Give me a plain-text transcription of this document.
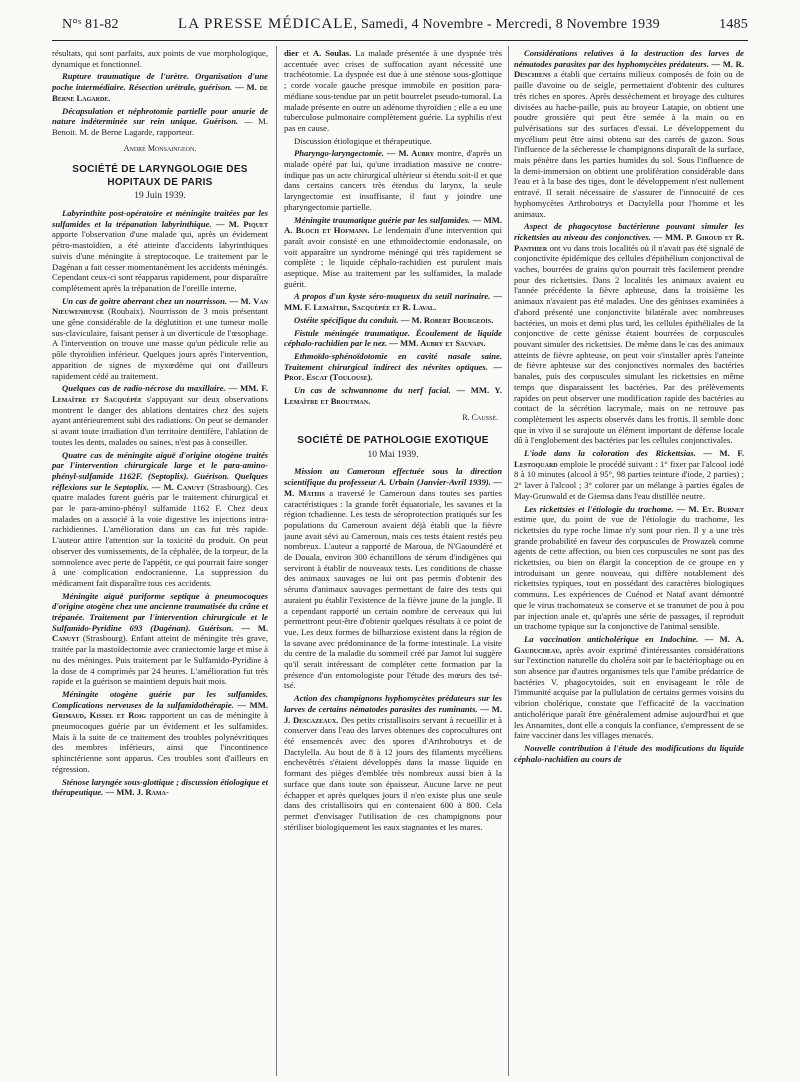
N°ˢ 81-82	LA PRESSE MÉDICALE, Samedi, 4 Novembre - Mercredi, 8 Novembre 1939	1485

résultats, qui sont parfaits, aux points de vue morphologique, dynamique et fonctionnel.

Rupture traumatique de l'urètre. Organisation d'une poche intermédiaire. Résection urétrale, guérison. — M. de Berne Lagarde.

Décapsulation et néphrotomie partielle pour anurie de nature indéterminée sur rein unique. Guérison. — M. Benoit. M. de Berne Lagarde, rapporteur.

André Monsaingeon.
SOCIÉTÉ DE LARYNGOLOGIE DES HOPITAUX DE PARIS
19 Juin 1939.

Labyrinthite post-opératoire et méningite traitées par les sulfamides et la trépanation labyrinthique. — M. Piquet apporte l'observation d'une malade qui, après un évidement pétro-mastoïdien, a été atteinte d'accidents labyrinthiques suivis d'une méningite à streptocoque. Le traitement par le Dagénan a fait cesser momentanément les accidents méningés. Cependant ceux-ci sont réapparus rapidement, pour disparaître complètement après la trépanation de l'oreille interne.

Un cas de goitre aberrant chez un nourrisson. — M. Van Nieuwenhuyse (Roubaix). Nourrisson de 3 mois présentant une gêne considérable de la déglutition et une tumeur molle sus-claviculaire, faisant penser à un diverticule de l'œsophage. A l'intervention on trouve une masse qu'un pédicule relie au pôle thyroïdien inférieur. Quelques jours après l'intervention, apparition de signes de myxœdème qui ont d'ailleurs rapidement cédé au traitement.

Quelques cas de radio-nécrose du maxillaire. — MM. F. Lemaître et Sacquépée s'appuyant sur deux observations montrent le danger des ablations dentaires chez des sujets ayant antérieurement subi des radiations. On peut se demander si avant toute irradiation d'un territoire dentifère, l'ablation de toutes les dents, malades ou saines, n'est pas à conseiller.

Quatre cas de méningite aiguë d'origine otogène traités par l'intervention chirurgicale large et le para-amino-phényl-sulfamide 1162F. (Septoplix). Guérison. Quelques réflexions sur le Septoplix. — M. Canuyt (Strasbourg). Ces quatre malades furent guéris par le traitement chirurgical et par le para-amino-phényl sulfamide 1162 F. Chez deux malades on a associé à la voie digestive les injections intra-rachidiennes. L'amélioration dans un cas fut très rapide. L'auteur attire l'attention sur la toxicité du produit. On peut observer des vomissements, de la céphalée, de la torpeur, de la somnolence avec perte de l'appétit, ce qui pourrait faire songer à une complication endocranienne. La suppression du médicament fait disparaître tous ces accidents.

Méningite aiguë puriforme septique à pneumocoques d'origine otogène chez une ancienne traumatisée du crâne et trépanée. Traitement par l'intervention chirurgicale et le Sulfamido-Pyridine 693 (Dagénan). Guérison. — M. Canuyt (Strasbourg). Enfant atteint de méningite très grave, traitée par la mastoïdectomie avec craniectomie large et mise à nu des méninges. Puis traitement par le Sulfamido-Pyridine à la dose de 4 comprimés par 24 heures. L'amélioration fut très rapide et la guérison se maintient depuis huit mois.

Méningite otogène guérie par les sulfamides. Complications nerveuses de la sulfamidothérapie. — MM. Grimaud, Kissel et Roig rapportent un cas de méningite à pneumocoques guérie par un évidement et les sulfamides. Mais à la suite de ce traitement des troubles polynévritiques des membres inférieurs, ainsi que l'incontinence sphinctérienne sont apparus. Ces troubles sont d'ailleurs en régression.

Sténose laryngée sous-glottique ; discussion étiologique et thérapeutique. — MM. J. Rama-

dier et A. Soulas. La malade présentée à une dyspnée très accentuée avec crises de suffocation ayant nécessité une trachéotomie. La dyspnée est due à une sténose sous-glottique ; corde vocale gauche presque immobile en position para-médiane sous-tendue par un petit bourrelet pseudo-tumoral. La malade présente en outre un adénome thyroïdien ; elle a eu une tuberculose pulmonaire complètement guérie. La syphilis n'est pas en cause.

Discussion étiologique et thérapeutique.

Pharyngo-laryngectomie. — M. Aubry montre, d'après un malade opéré par lui, qu'une irradiation massive ne contre-indique pas un acte chirurgical ultérieur si étendu soit-il et que dans certains cancers très étendus du larynx, la seule laryngectomie est insuffisante, il faut y joindre une pharyngectomie partielle.

Méningite traumatique guérie par les sulfamides. — MM. A. Bloch et Hofmann. Le lendemain d'une intervention qui paraît avoir consisté en une ethmoïdectomie endonasale, on voit apparaître un syndrome méningé qui très rapidement se complète ; le liquide céphalo-rachidien est purulent mais aseptique. Mise au traitement par les sulfamides, la malade guérit.

A propos d'un kyste séro-muqueux du seuil narinaire. — MM. F. Lemaître, Sacquépée et R. Laval.

Ostéite spécifique du conduit. — M. Robert Bourgeois.

Fistule méningée traumatique. Écoulement de liquide céphalo-rachidien par le nez. — MM. Aubry et Sauvain.

Ethmoïdo-sphénoïdotomie en cavité nasale saine. Traitement chirurgical indirect des névrites optiques. — Prof. Escat (Toulouse).

Un cas de schwannome du nerf facial. — MM. Y. Lemaître et Broutman.

R. Caussé.
SOCIÉTÉ DE PATHOLOGIE EXOTIQUE
10 Mai 1939.

Mission au Cameroun effectuée sous la direction scientifique du professeur A. Urbain (Janvier-Avril 1939). — M. Mathis a traversé le Cameroun dans toutes ses parties caractéristiques : la grande forêt équatoriale, les savanes et la région tchadienne. Les tests de séroprotection pratiqués sur les populations du Cameroun avaient déjà établi que la fièvre jaune avait sévi au Cameroun, mais ces tests étaient restés peu nombreux. L'auteur a rapporté de Maroua, de N'Gaoundéré et de Douala, environ 300 échantillons de sérum d'indigènes qui serviront à établir de nouveaux tests. Les conditions de chasse des animaux sauvages ne lui ont pas permis d'obtenir des sérums d'animaux sauvages permettant de faire des tests qui auraient pu établir l'existence de la fièvre jaune de la jungle. Il a cependant rapporté un certain nombre de cerveaux qui lui permettront peut-être d'obtenir quelques résultats à ce point de vue. Les deux formes de bilharziose existent dans la région de la savane avec prédominance de la forme intestinale. La visite du centre de la maladie du sommeil créé par Jamot lui suggère qu'il serait intéressant de compléter cette formation par la présence d'un entomologiste pour l'étude des mœurs des tsé-tsé.

Action des champignons hyphomycètes prédateurs sur les larves de certains nématodes parasites des ruminants. — M. J. Descazeaux. Des petits cristallisoirs servant à recueillir et à conserver dans l'eau des larves obtenues des coprocultures ont été ensemencés avec des spores d'Arthrobotrys et de Dactylella. Au bout de 8 à 12 jours des filaments mycéliens enchevêtrés s'étaient développés dans la masse liquide en formant des pièges d'emblée très nombreux aussi bien à la surface que dans toute son épaisseur. Aucune larve ne peut échapper et après quelques jours il n'en existe plus une seule dans des cristallisoirs qui en contenaient 600 à 800. Cela permet d'envisager l'utilisation de ces champignons pour stériliser biologiquement les eaux stagnantes et les mares.

Considérations relatives à la destruction des larves de nématodes parasites par des hyphomycètes prédateurs. — M. R. Deschiens a établi que certains milieux composés de foin ou de paille d'avoine ou de seigle, permettaient d'obtenir des cultures très riches en spores. Après dessèchement et broyage des cultures divisées au hache-paille, puis au broyeur Latapie, on obtient une poudre grossière qui peut être semée à la main ou en pulvérisations sur des surfaces d'essai. Le développement du mycélium peut être ainsi obtenu sur des carrés de gazon. Sous l'influence de la sécheresse le champignons disparaît de la surface, mais pénètre dans les parties humides du sol. Sous l'influence de la demi-immersion on obtient une prolifération considérable dans l'eau et à la base des tiges, dont le développement n'est nullement entravé. Il serait nécessaire de s'assurer de l'innocuité de ces hyphomycètes Arthrobotrys et Dactylella pour l'homme et les animaux.

Aspect de phagocytose bactérienne pouvant simuler les rickettsies au niveau des conjonctives. — MM. P. Giroud et R. Panthier ont vu dans trois localités où il n'avait pas été signalé de conjonctivite épidémique des cellules d'épithélium conjonctival de vaches, bourrées de grains qu'on pourrait très facilement prendre pour des rickettsies. Dans 2 localités les animaux avaient eu l'année précédente la fièvre aphteuse, dans la troisième les animaux n'avaient pas été malades. Une des génisses examinées a d'abord présenté une conjonctivite bilatérale avec nombreuses bactéries, un mois et demi plus tard, les cellules épithéliales de la conjonctive de cette génisse étaient bourrées de corpuscules pouvant simuler des rickettsies. De même dans le cas des animaux atteints de fièvre aphteuse, on peut voir s'installer après l'atteinte de fièvre aphteuse sur des conjonctives normales des bactéries banales, puis des corpuscules simulant les rickettsies en même temps que disparaissent les bactéries. Par des prélèvements rapides on peut observer une modification rapide des bactéries au contact de la sécrétion lacrymale, mais on ne retrouve pas complètement les aspects observés dans les frottis. Il semble donc que in vivo il se surajoute un élément important de défense locale dû à l'englobement des bactéries par les cellules conjonctivales.

L'iode dans la coloration des Rickettsias. — M. F. Lestoquard emploie le procédé suivant : 1° fixer par l'alcool iodé 8 à 10 minutes (alcool à 95°, 98 parties teinture d'iode, 2 parties) ; 2° laver à l'alcool ; 3° colorer par un mélange à parties égales de May-Grunwald et de Giemsa dans l'eau distillée neutre.

Les rickettsies et l'étiologie du trachome. — M. Et. Burnet estime que, du point de vue de l'étiologie du trachome, les rickettsies du type roche limae n'y sont pour rien. Il y a une très grande probabilité en faveur des corpuscules de Prowazek comme agents de cette affection, ou bien ces corpuscules ne sont pas des rickettsies, ou bien on élargit la conception de ce groupe en y introduisant un genre nouveau, qui diffère notablement des rickettsies typiques, tout en possédant des caractères biologiques communs. Les expériences de Cuénod et Nataf avant démontré que le virus trachomateux se conserve et se transmet de pou à pou par injection anale et, qu'après une série de passages, il reproduit un trachome typique sur la conjonctive de l'animal sensible.

La vaccination anticholérique en Indochine. — M. A. Gauducheau, après avoir exprimé d'intéressantes considérations sur l'extinction naturelle du choléra soit par le bactériophage ou en son absence par d'autres organismes tels que l'amibe prédatrice de bactéries V. phagocytoides, soit en envisageant le rôle de l'immunité acquise par la pullulation de certains germes voisins du vibrion cholérique, constate que l'efficacité de la vaccination anticholérique paraît être généralement admise aujourd'hui et que les Annamites, dont elle a conquis la confiance, s'empressent de se faire vacciner dans les villages menacés.

Nouvelle contribution à l'étude des modifications du liquide céphalo-rachidien au cours de
